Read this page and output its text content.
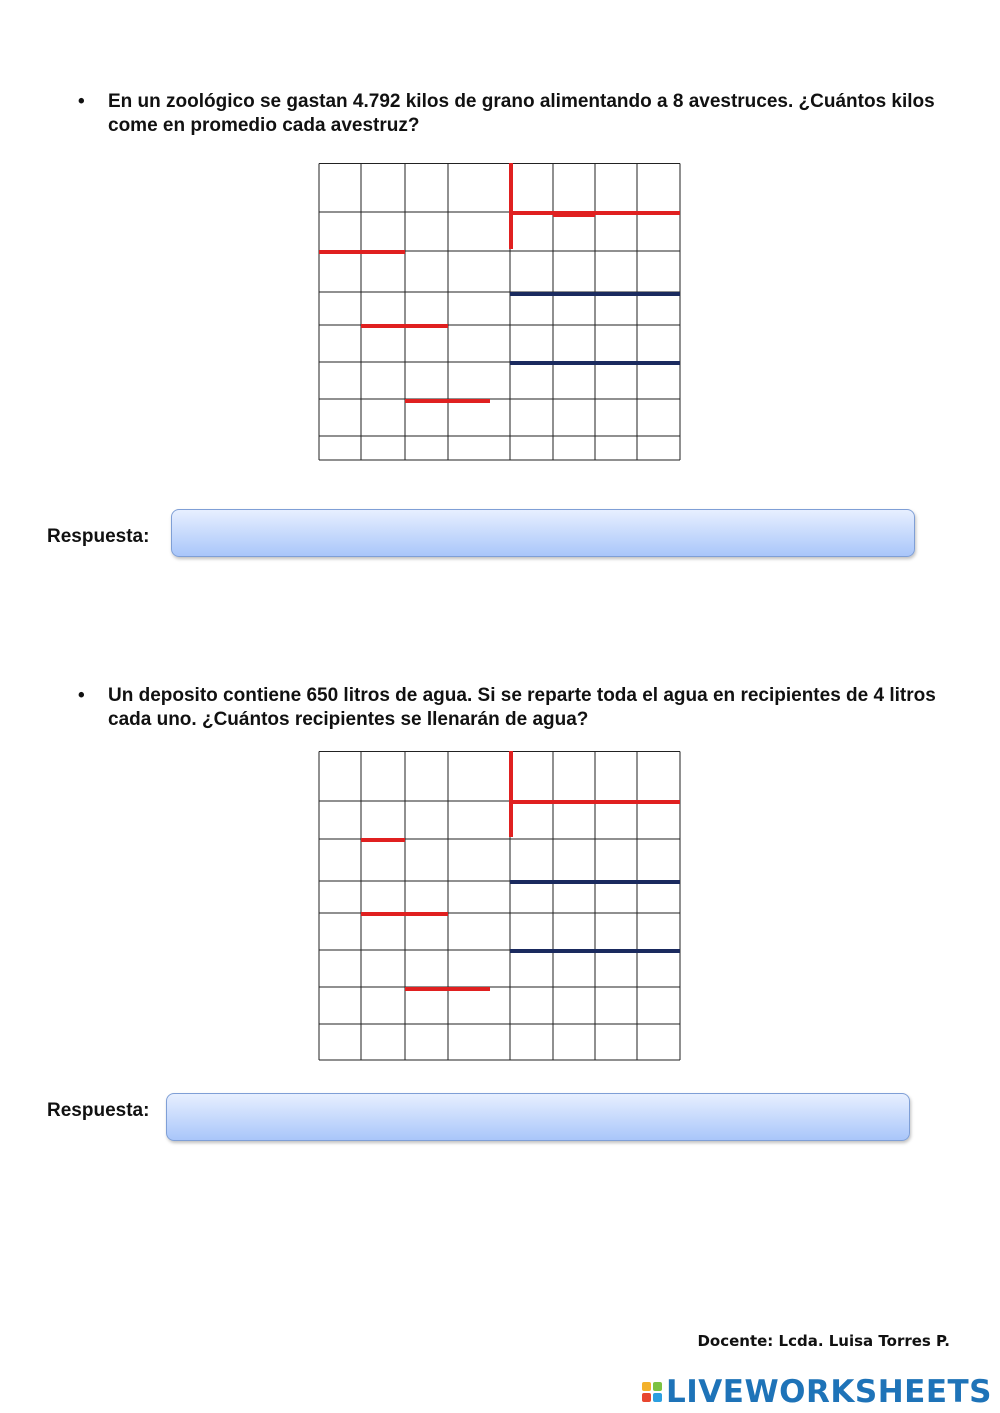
• En un zoológico se gastan 4.792 kilos de grano alimentando a 8 avestruces. ¿Cuántos kilos come en promedio cada avestruz?
Respuesta:
• Un deposito contiene 650 litros de agua. Si se reparte toda el agua en recipientes de 4 litros cada uno. ¿Cuántos recipientes se llenarán de agua?
Respuesta:
Docente: Lcda. Luisa Torres P.
LIVEWORKSHEETS
